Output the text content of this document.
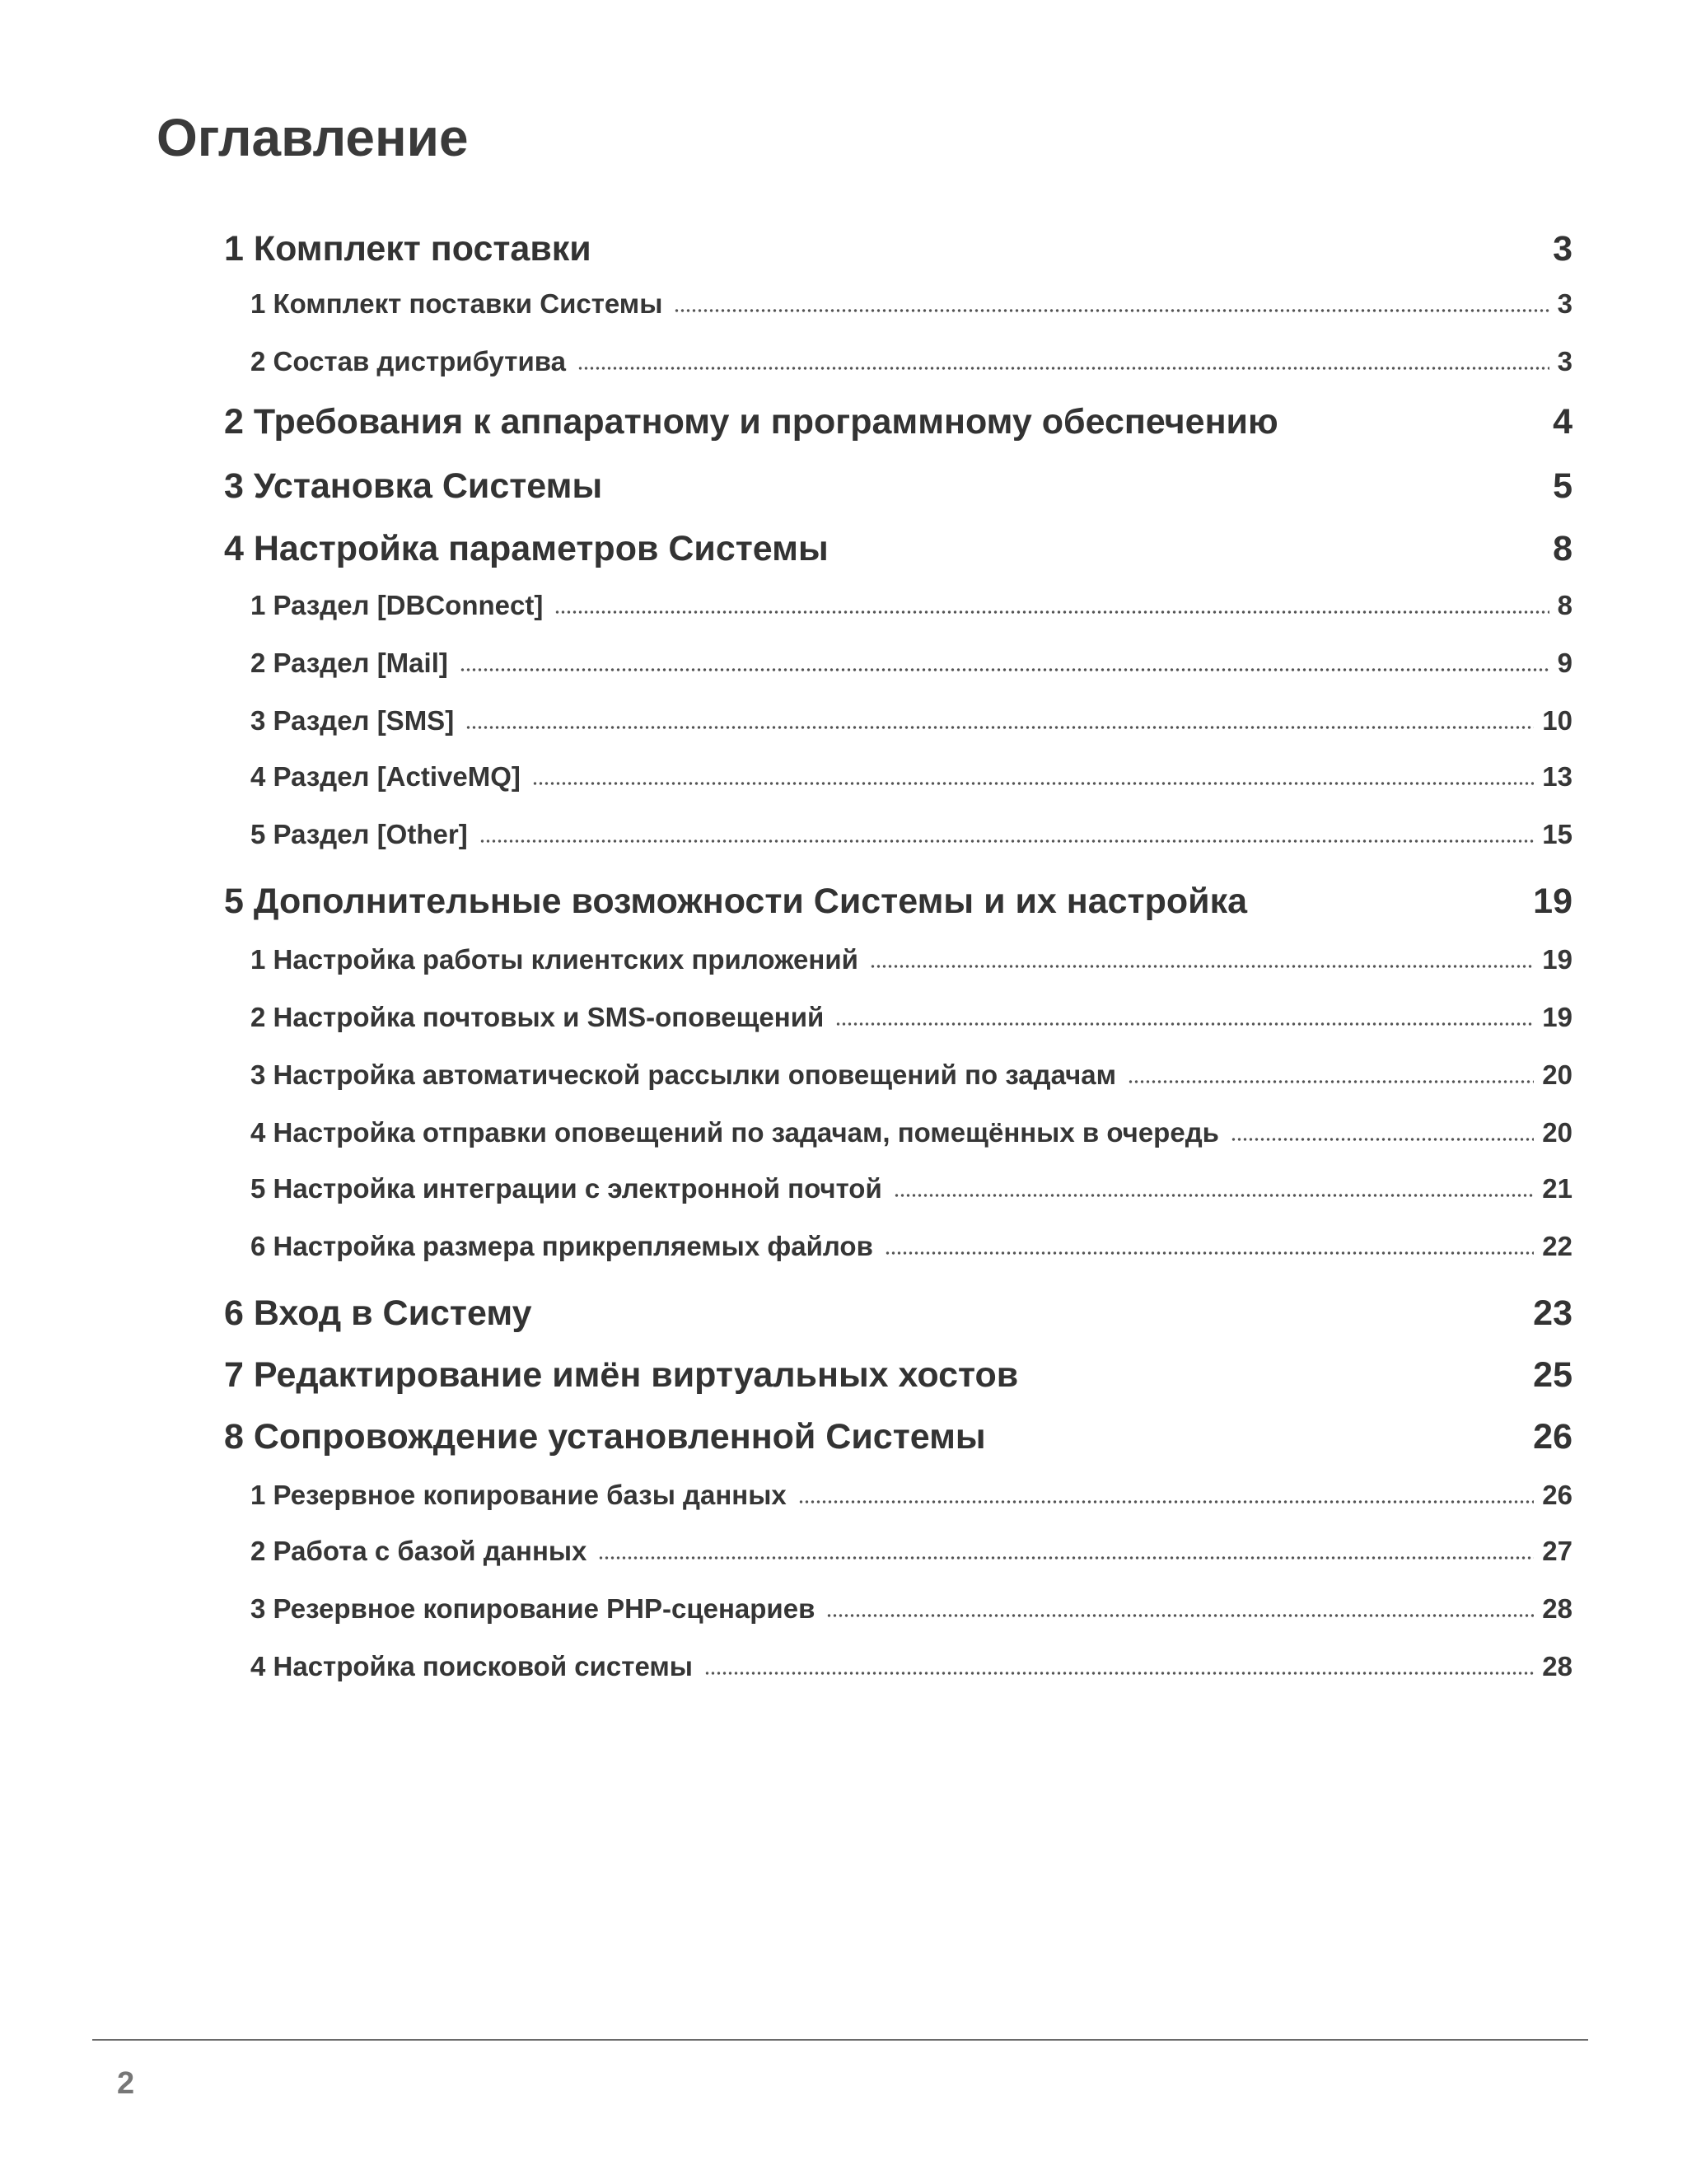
Оглавление
1 Комплект поставки	3
1 Комплект поставки Системы	3
2 Состав дистрибутива	3
2 Требования к аппаратному и программному обеспечению	4
3 Установка Системы	5
4 Настройка параметров Системы	8
1 Раздел [DBConnect]	8
2 Раздел [Mail]	9
3 Раздел [SMS]	10
4 Раздел [ActiveMQ]	13
5 Раздел [Other]	15
5 Дополнительные возможности Системы и их настройка	19
1 Настройка работы клиентских приложений	19
2 Настройка почтовых и SMS-оповещений	19
3 Настройка автоматической рассылки оповещений по задачам	20
4 Настройка отправки оповещений по задачам, помещённых в очередь	20
5 Настройка интеграции с электронной почтой	21
6 Настройка размера прикрепляемых файлов	22
6 Вход в Систему	23
7 Редактирование имён виртуальных хостов	25
8 Сопровождение установленной Системы	26
1 Резервное копирование базы данных	26
2 Работа с базой данных	27
3 Резервное копирование PHP-сценариев	28
4 Настройка поисковой системы	28
2
